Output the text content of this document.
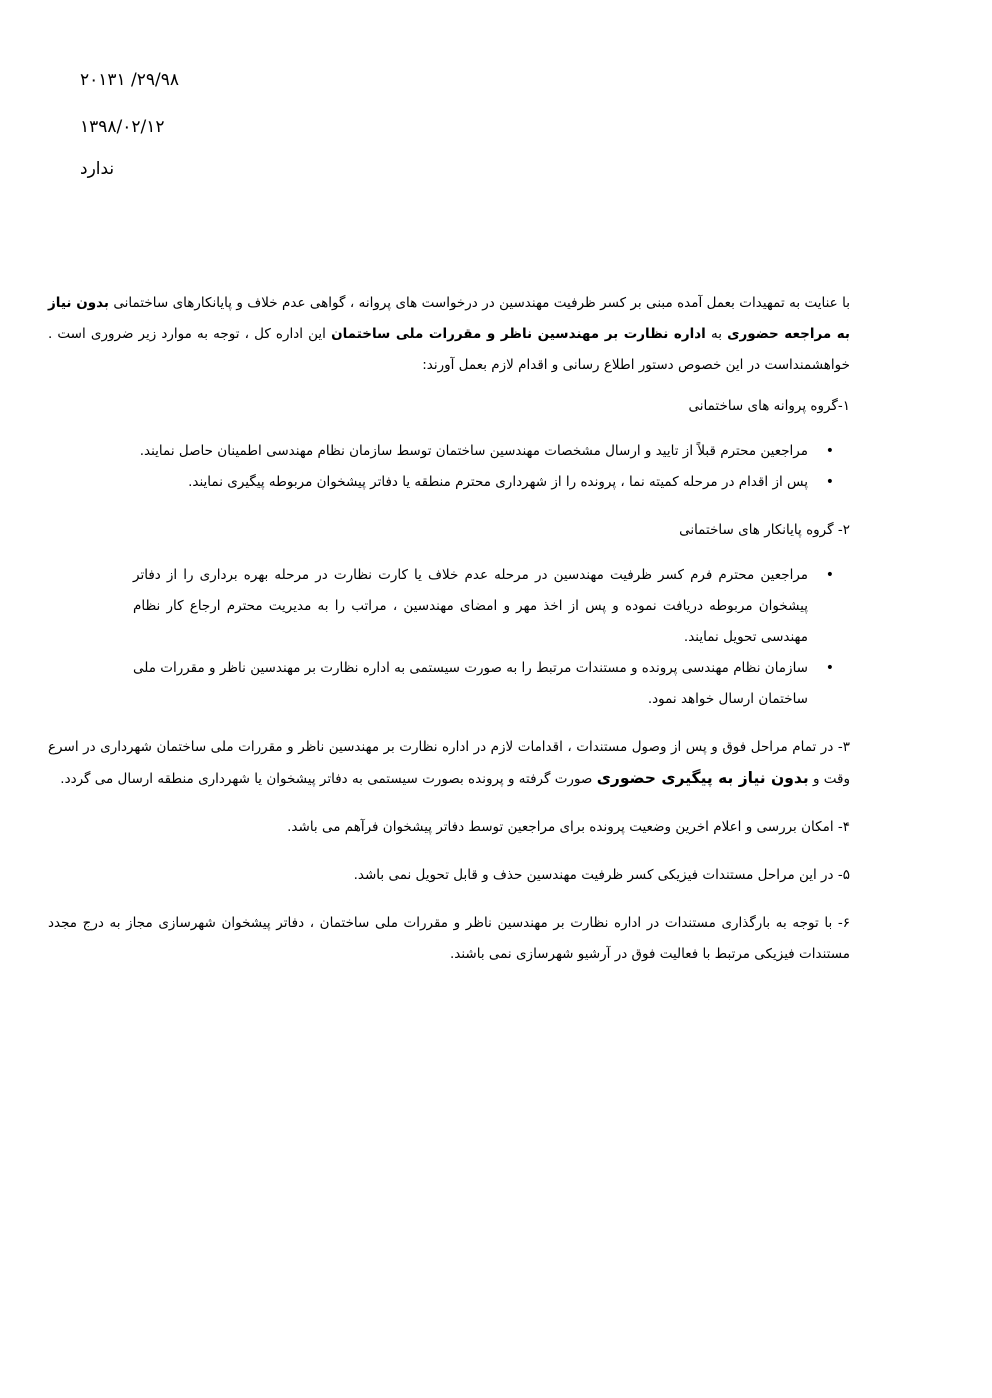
۲۹/۹۸/ ۲۰۱۳۱
۱۳۹۸/۰۲/۱۲
ندارد

با عنایت به تمهیدات بعمل آمده مبنی بر کسر ظرفیت مهندسین در درخواست های پروانه ، گواهی عدم خلاف و پایانکارهای ساختمانی بدون نیاز به مراجعه حضوری به اداره نظارت بر مهندسین ناظر و مقررات ملی ساختمان این اداره کل ، توجه به موارد زیر ضروری است . خواهشمنداست در این خصوص دستور اطلاع رسانی و اقدام لازم بعمل آورند:

۱-گروه پروانه های ساختمانی

•
مراجعین محترم قبلاً از تایید و ارسال مشخصات مهندسین ساختمان توسط سازمان نظام مهندسی اطمینان حاصل نمایند.
•
پس از اقدام در مرحله کمیته نما ، پرونده را از شهرداری محترم منطقه یا دفاتر پیشخوان مربوطه پیگیری نمایند.

۲- گروه پایانکار های ساختمانی

•
مراجعین محترم فرم کسر ظرفیت مهندسین در مرحله عدم خلاف یا کارت نظارت در مرحله بهره برداری را از دفاتر پیشخوان مربوطه دریافت نموده و پس از اخذ مهر و امضای مهندسین ، مراتب را به مدیریت محترم ارجاع کار نظام مهندسی تحویل نمایند.
•
سازمان نظام مهندسی پرونده و مستندات مرتبط را به صورت سیستمی به اداره نظارت بر مهندسین ناظر و مقررات ملی ساختمان ارسال خواهد نمود.

۳- در تمام مراحل فوق و پس از وصول مستندات ، اقدامات لازم در اداره نظارت بر مهندسین ناظر و مقررات ملی ساختمان شهرداری در اسرع وقت و بدون نیاز به پیگیری حضوری صورت گرفته و پرونده بصورت سیستمی به دفاتر پیشخوان یا شهرداری منطقه ارسال می گردد.

۴- امکان بررسی و اعلام اخرین وضعیت پرونده برای مراجعین توسط دفاتر پیشخوان فرآهم می باشد.

۵- در این مراحل مستندات فیزیکی کسر ظرفیت مهندسین حذف و قابل تحویل نمی باشد.

۶- با توجه به بارگذاری مستندات در اداره نظارت بر مهندسین ناظر و مقررات ملی ساختمان ، دفاتر پیشخوان شهرسازی مجاز به درج مجدد مستندات فیزیکی مرتبط با فعالیت فوق در آرشیو شهرسازی نمی باشند.
